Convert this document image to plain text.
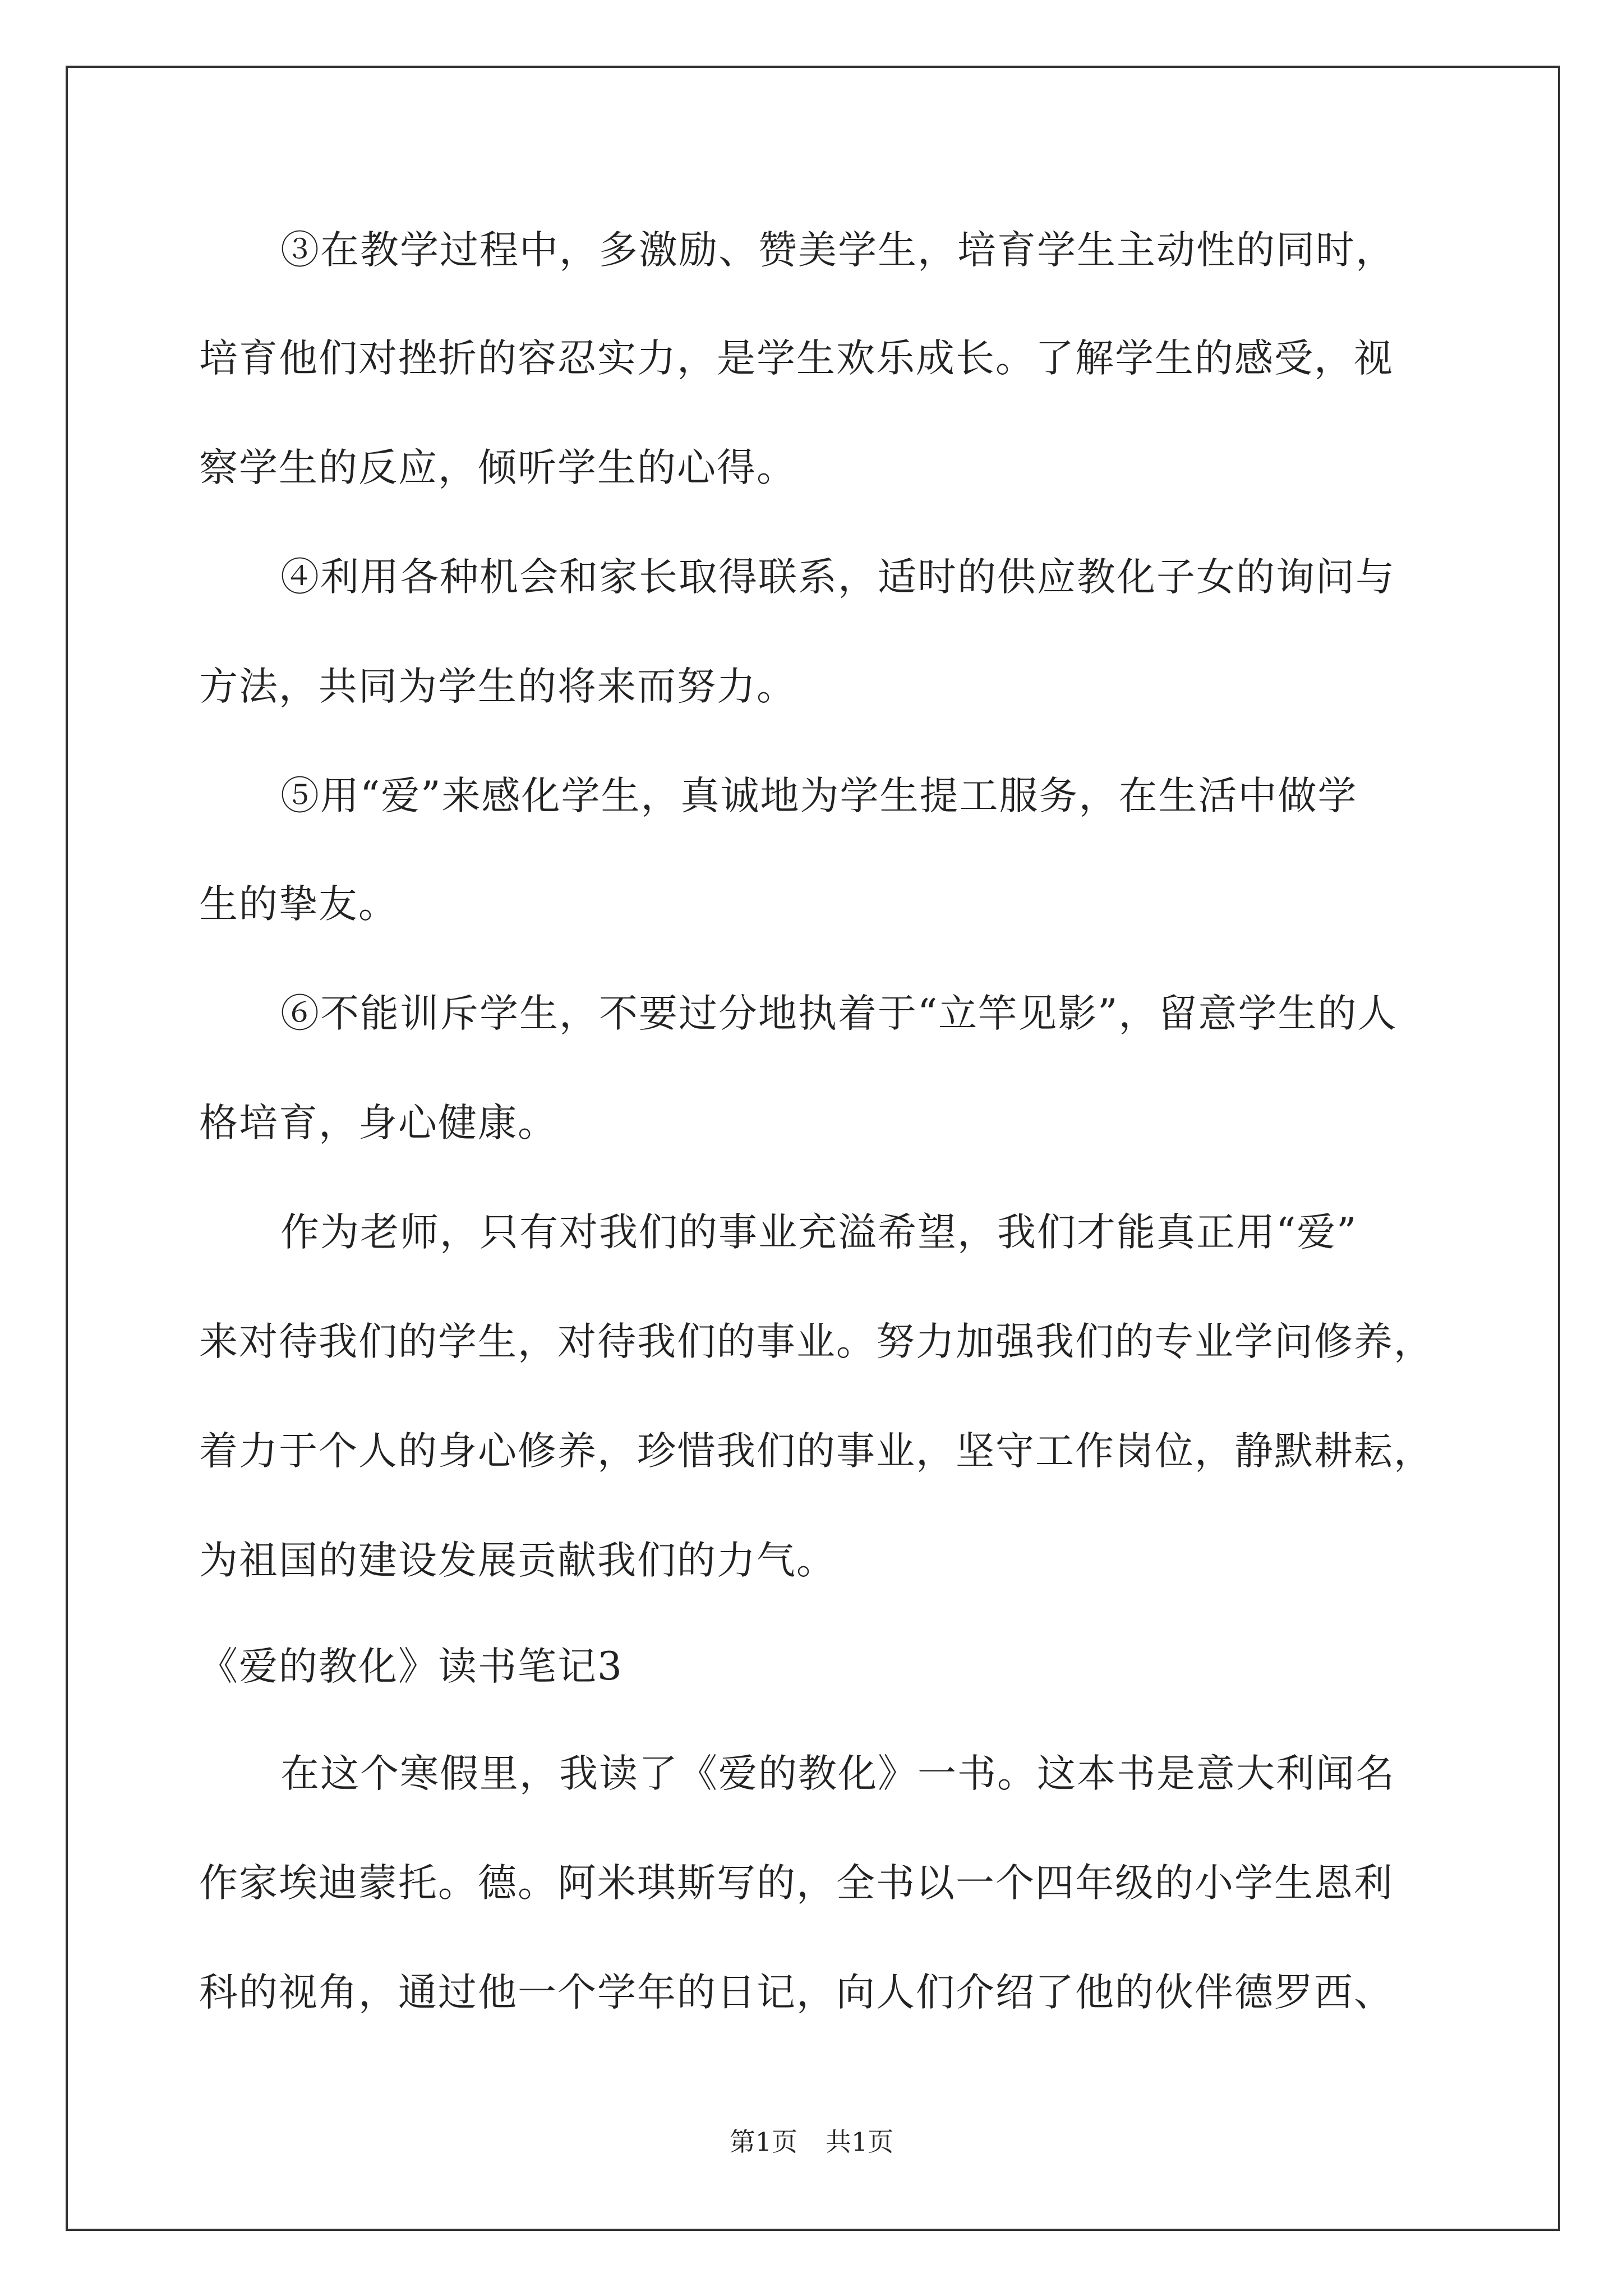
③在教学过程中，多激励、赞美学生，培育学生主动性的同时，
培育他们对挫折的容忍实力，是学生欢乐成长。了解学生的感受，视
察学生的反应，倾听学生的心得。
④利用各种机会和家长取得联系，适时的供应教化子女的询问与
方法，共同为学生的将来而努力。
⑤用“爱”来感化学生，真诚地为学生提工服务，在生活中做学
生的挚友。
⑥不能训斥学生，不要过分地执着于“立竿见影”，留意学生的人
格培育，身心健康。
作为老师，只有对我们的事业充溢希望，我们才能真正用“爱”
来对待我们的学生，对待我们的事业。努力加强我们的专业学问修养，
着力于个人的身心修养，珍惜我们的事业，坚守工作岗位，静默耕耘，
为祖国的建设发展贡献我们的力气。
《爱的教化》读书笔记3
在这个寒假里，我读了《爱的教化》一书。这本书是意大利闻名
作家埃迪蒙托。德。阿米琪斯写的，全书以一个四年级的小学生恩利
科的视角，通过他一个学年的日记，向人们介绍了他的伙伴德罗西、
第1页 共1页
